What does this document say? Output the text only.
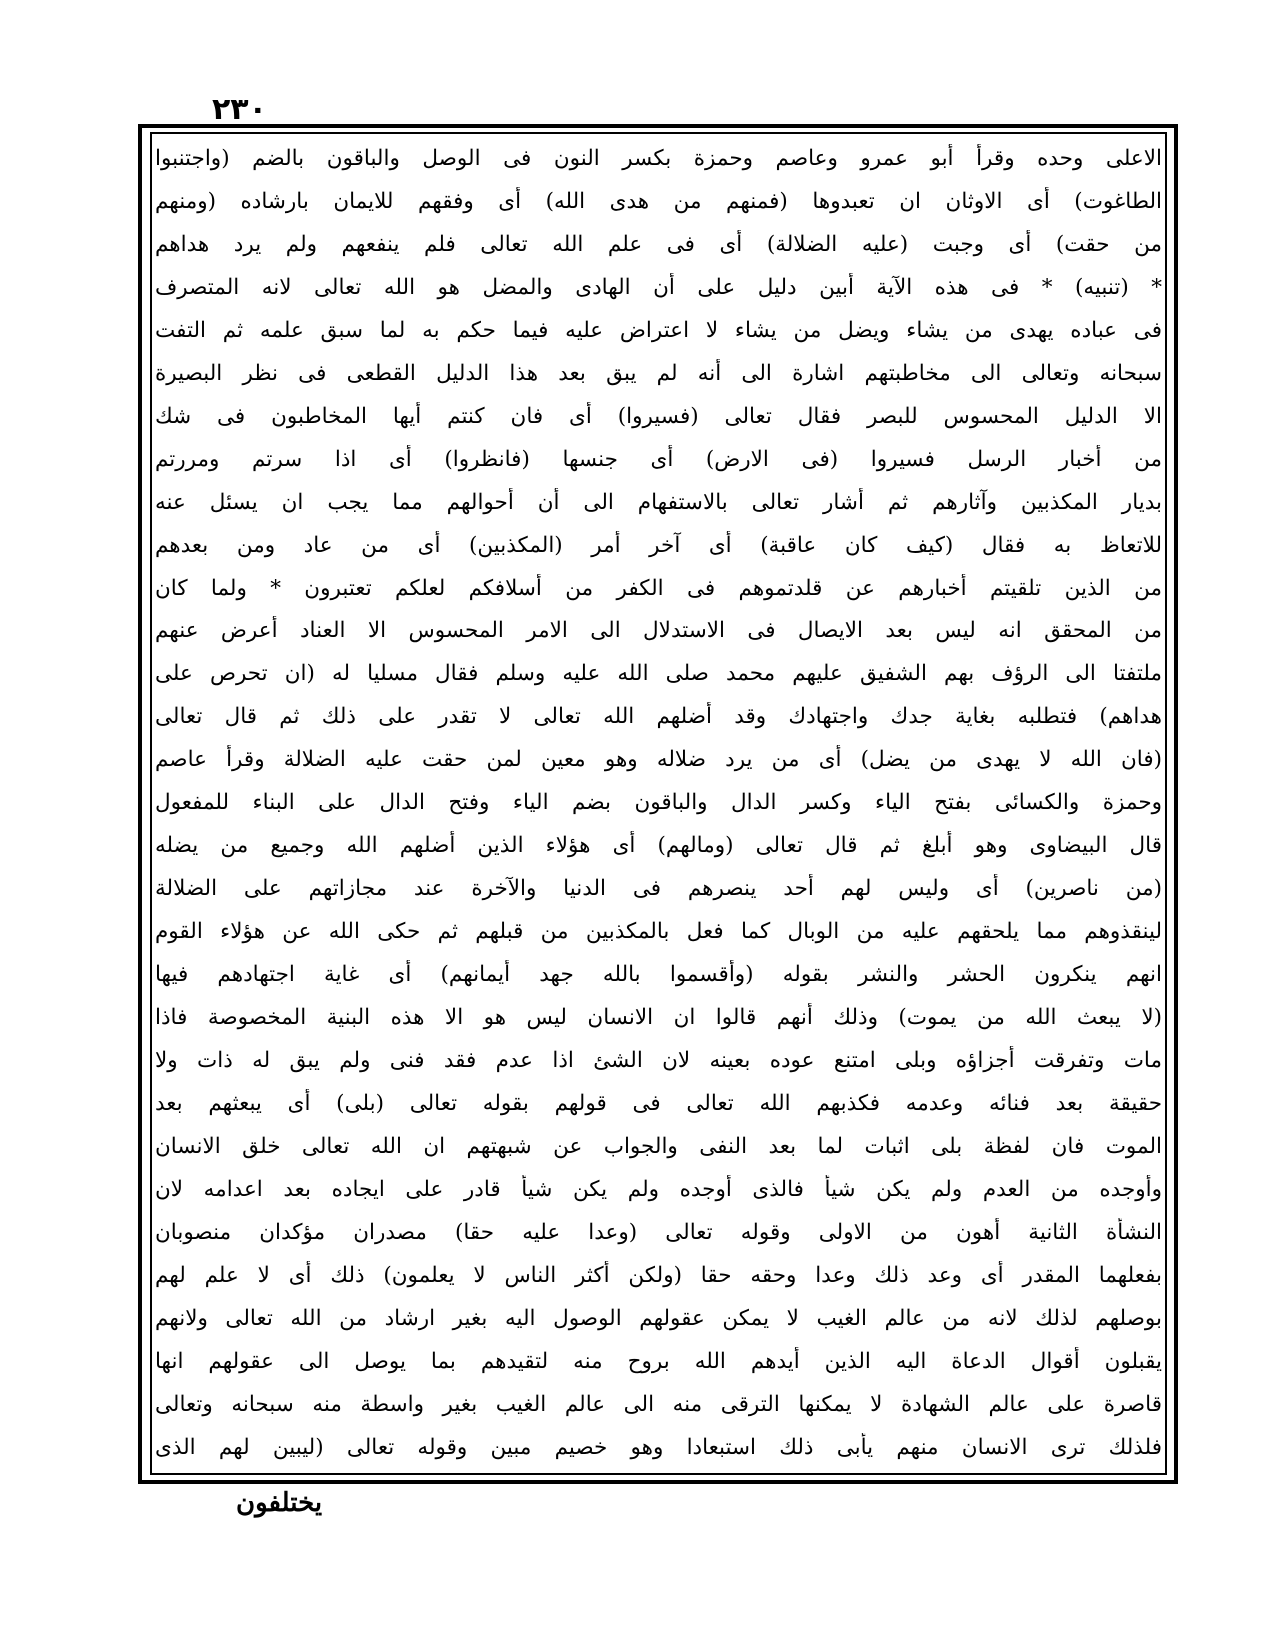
٢٣٠
الاعلى وحده وقرأ أبو عمرو وعاصم وحمزة بكسر النون فى الوصل والباقون بالضم (واجتنبوا
الطاغوت) أى الاوثان ان تعبدوها (فمنهم من هدى الله) أى وفقهم للايمان بارشاده (ومنهم
من حقت) أى وجبت (عليه الضلالة) أى فى علم الله تعالى فلم ينفعهم ولم يرد هداهم
* (تنبيه) * فى هذه الآية أبين دليل على أن الهادى والمضل هو الله تعالى لانه المتصرف
فى عباده يهدى من يشاء ويضل من يشاء لا اعتراض عليه فيما حكم به لما سبق علمه ثم التفت
سبحانه وتعالى الى مخاطبتهم اشارة الى أنه لم يبق بعد هذا الدليل القطعى فى نظر البصيرة
الا الدليل المحسوس للبصر فقال تعالى (فسيروا) أى فان كنتم أيها المخاطبون فى شك
من أخبار الرسل فسيروا (فى الارض) أى جنسها (فانظروا) أى اذا سرتم ومررتم
بديار المكذبين وآثارهم ثم أشار تعالى بالاستفهام الى أن أحوالهم مما يجب ان يسئل عنه
للاتعاظ به فقال (كيف كان عاقبة) أى آخر أمر (المكذبين) أى من عاد ومن بعدهم
من الذين تلقيتم أخبارهم عن قلدتموهم فى الكفر من أسلافكم لعلكم تعتبرون * ولما كان
من المحقق انه ليس بعد الايصال فى الاستدلال الى الامر المحسوس الا العناد أعرض عنهم
ملتفتا الى الرؤف بهم الشفيق عليهم محمد صلى الله عليه وسلم فقال مسليا له (ان تحرص على
هداهم) فتطلبه بغاية جدك واجتهادك وقد أضلهم الله تعالى لا تقدر على ذلك ثم قال تعالى
(فان الله لا يهدى من يضل) أى من يرد ضلاله وهو معين لمن حقت عليه الضلالة وقرأ عاصم
وحمزة والكسائى بفتح الياء وكسر الدال والباقون بضم الياء وفتح الدال على البناء للمفعول
قال البيضاوى وهو أبلغ ثم قال تعالى (ومالهم) أى هؤلاء الذين أضلهم الله وجميع من يضله
(من ناصرين) أى وليس لهم أحد ينصرهم فى الدنيا والآخرة عند مجازاتهم على الضلالة
لينقذوهم مما يلحقهم عليه من الوبال كما فعل بالمكذبين من قبلهم ثم حكى الله عن هؤلاء القوم
انهم ينكرون الحشر والنشر بقوله (وأقسموا بالله جهد أيمانهم) أى غاية اجتهادهم فيها
(لا يبعث الله من يموت) وذلك أنهم قالوا ان الانسان ليس هو الا هذه البنية المخصوصة فاذا
مات وتفرقت أجزاؤه وبلى امتنع عوده بعينه لان الشئ اذا عدم فقد فنى ولم يبق له ذات ولا
حقيقة بعد فنائه وعدمه فكذبهم الله تعالى فى قولهم بقوله تعالى (بلى) أى يبعثهم بعد
الموت فان لفظة بلى اثبات لما بعد النفى والجواب عن شبهتهم ان الله تعالى خلق الانسان
وأوجده من العدم ولم يكن شيأ فالذى أوجده ولم يكن شيأ قادر على ايجاده بعد اعدامه لان
النشأة الثانية أهون من الاولى وقوله تعالى (وعدا عليه حقا) مصدران مؤكدان منصوبان
بفعلهما المقدر أى وعد ذلك وعدا وحقه حقا (ولكن أكثر الناس لا يعلمون) ذلك أى لا علم لهم
بوصلهم لذلك لانه من عالم الغيب لا يمكن عقولهم الوصول اليه بغير ارشاد من الله تعالى ولانهم
يقبلون أقوال الدعاة اليه الذين أيدهم الله بروح منه لتقيدهم بما يوصل الى عقولهم انها
قاصرة على عالم الشهادة لا يمكنها الترقى منه الى عالم الغيب بغير واسطة منه سبحانه وتعالى
فلذلك ترى الانسان منهم يأبى ذلك استبعادا وهو خصيم مبين وقوله تعالى (ليبين لهم الذى
يختلفون
